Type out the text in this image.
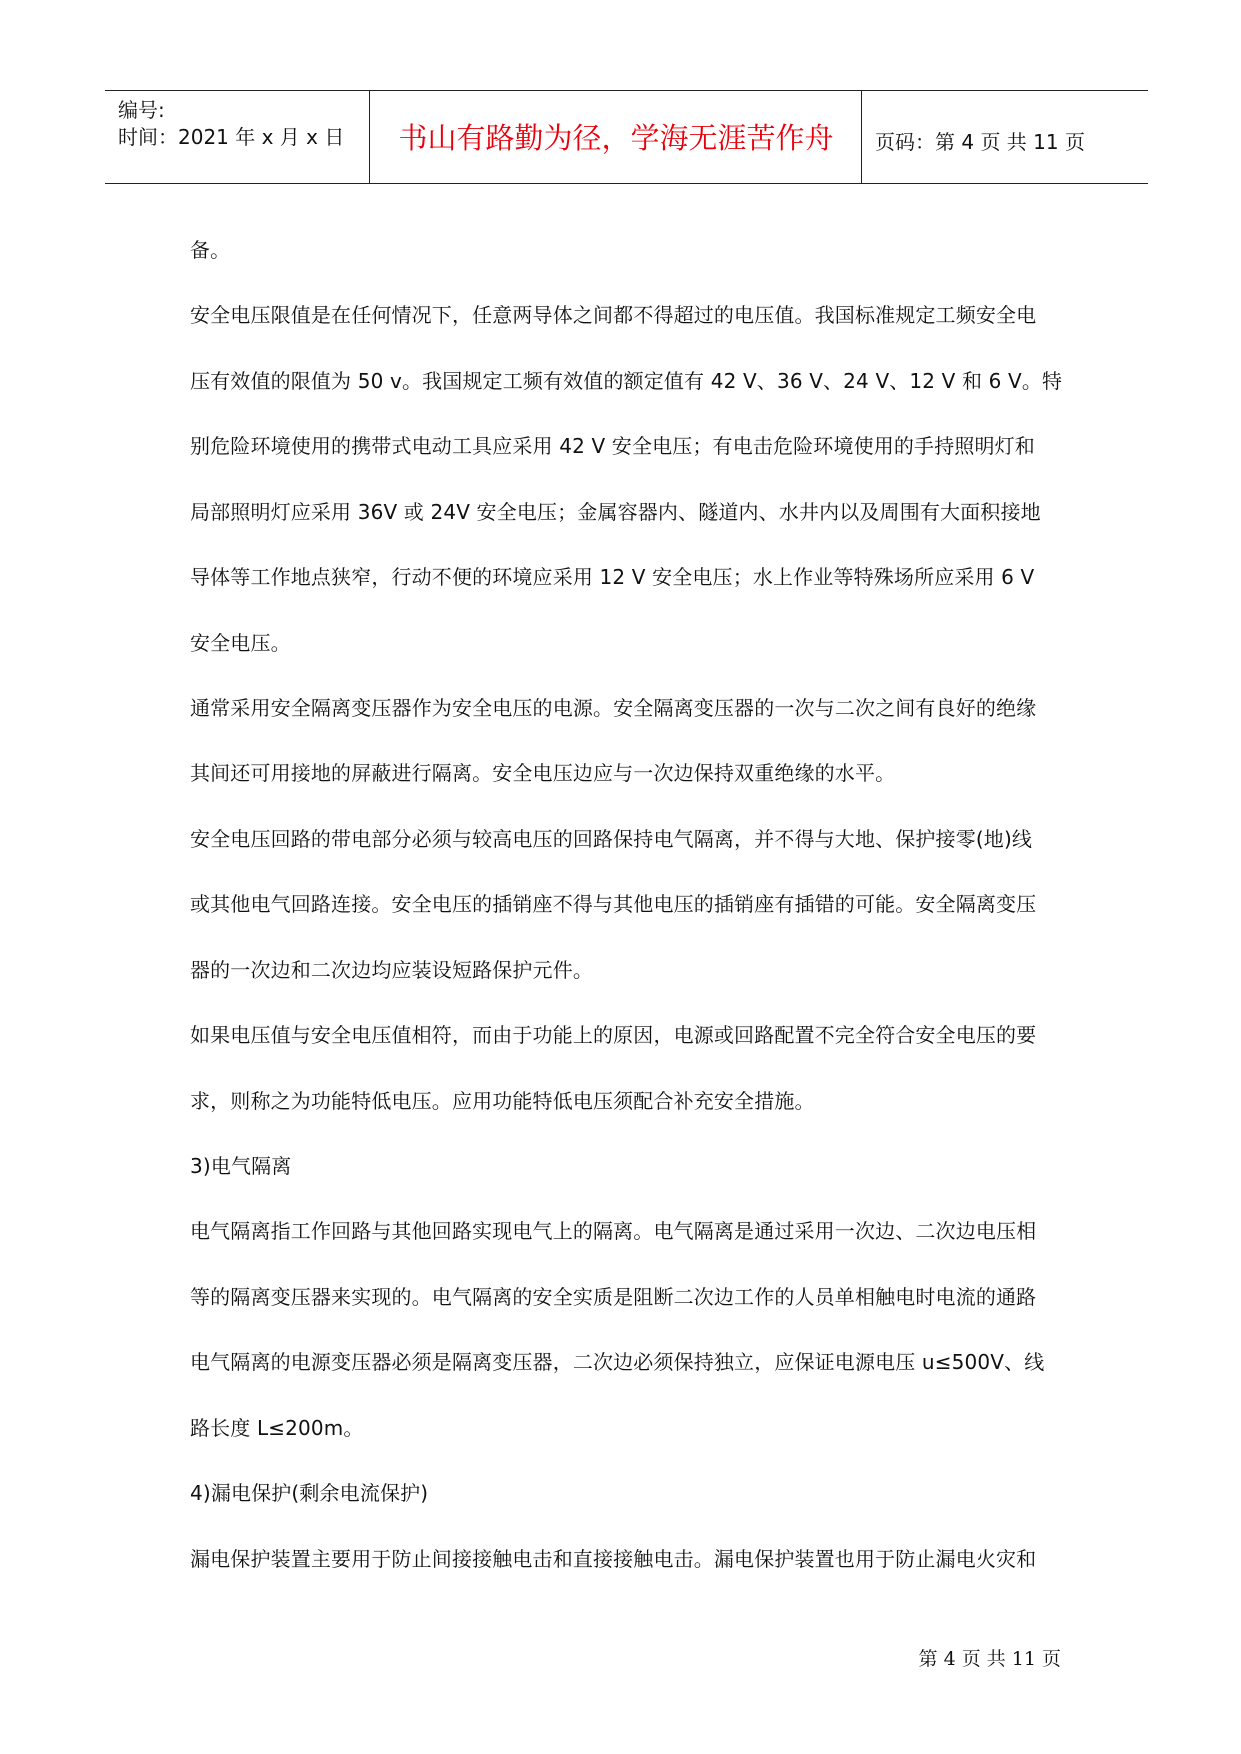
编号:
时间：2021 年 x 月 x 日	书山有路勤为径，学海无涯苦作舟	页码：第 4 页 共 11 页
备。
安全电压限值是在任何情况下，任意两导体之间都不得超过的电压值。我国标准规定工频安全电
压有效值的限值为 50 v。我国规定工频有效值的额定值有 42 V、36 V、24 V、12 V 和 6 V。特
别危险环境使用的携带式电动工具应采用 42 V 安全电压；有电击危险环境使用的手持照明灯和
局部照明灯应采用 36V 或 24V 安全电压；金属容器内、隧道内、水井内以及周围有大面积接地
导体等工作地点狭窄，行动不便的环境应采用 12 V 安全电压；水上作业等特殊场所应采用 6 V
安全电压。
通常采用安全隔离变压器作为安全电压的电源。安全隔离变压器的一次与二次之间有良好的绝缘
其间还可用接地的屏蔽进行隔离。安全电压边应与一次边保持双重绝缘的水平。
安全电压回路的带电部分必须与较高电压的回路保持电气隔离，并不得与大地、保护接零(地)线
或其他电气回路连接。安全电压的插销座不得与其他电压的插销座有插错的可能。安全隔离变压
器的一次边和二次边均应装设短路保护元件。
如果电压值与安全电压值相符，而由于功能上的原因，电源或回路配置不完全符合安全电压的要
求，则称之为功能特低电压。应用功能特低电压须配合补充安全措施。
3)电气隔离
电气隔离指工作回路与其他回路实现电气上的隔离。电气隔离是通过采用一次边、二次边电压相
等的隔离变压器来实现的。电气隔离的安全实质是阻断二次边工作的人员单相触电时电流的通路
电气隔离的电源变压器必须是隔离变压器，二次边必须保持独立，应保证电源电压 u≤500V、线
路长度 L≤200m。
4)漏电保护(剩余电流保护)
漏电保护装置主要用于防止间接接触电击和直接接触电击。漏电保护装置也用于防止漏电火灾和
第 4 页 共 11 页
